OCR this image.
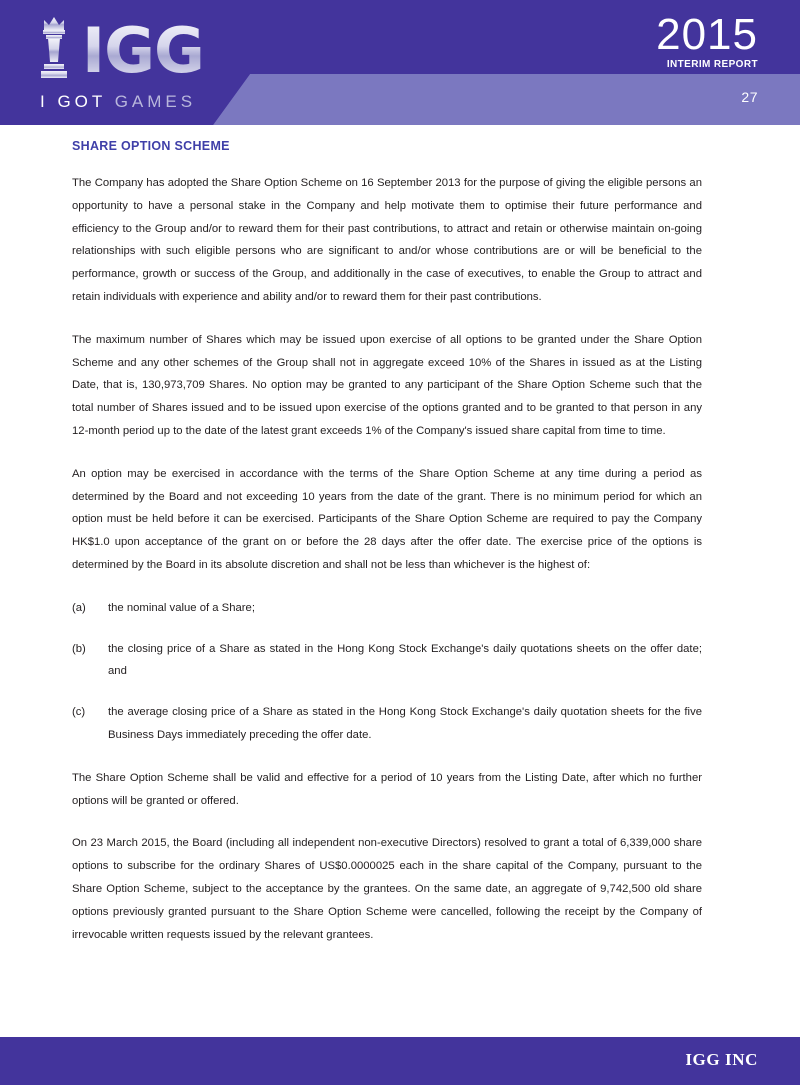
IGG
I GOT GAMES
2015
INTERIM REPORT
27
SHARE OPTION SCHEME

The Company has adopted the Share Option Scheme on 16 September 2013 for the purpose of giving the eligible persons an opportunity to have a personal stake in the Company and help motivate them to optimise their future performance and efficiency to the Group and/or to reward them for their past contributions, to attract and retain or otherwise maintain on-going relationships with such eligible persons who are significant to and/or whose contributions are or will be beneficial to the performance, growth or success of the Group, and additionally in the case of executives, to enable the Group to attract and retain individuals with experience and ability and/or to reward them for their past contributions.

The maximum number of Shares which may be issued upon exercise of all options to be granted under the Share Option Scheme and any other schemes of the Group shall not in aggregate exceed 10% of the Shares in issued as at the Listing Date, that is, 130,973,709 Shares. No option may be granted to any participant of the Share Option Scheme such that the total number of Shares issued and to be issued upon exercise of the options granted and to be granted to that person in any 12-month period up to the date of the latest grant exceeds 1% of the Company's issued share capital from time to time.

An option may be exercised in accordance with the terms of the Share Option Scheme at any time during a period as determined by the Board and not exceeding 10 years from the date of the grant. There is no minimum period for which an option must be held before it can be exercised. Participants of the Share Option Scheme are required to pay the Company HK$1.0 upon acceptance of the grant on or before the 28 days after the offer date. The exercise price of the options is determined by the Board in its absolute discretion and shall not be less than whichever is the highest of:

(a)	the nominal value of a Share;
(b)	the closing price of a Share as stated in the Hong Kong Stock Exchange's daily quotations sheets on the offer date; and
(c)	the average closing price of a Share as stated in the Hong Kong Stock Exchange's daily quotation sheets for the five Business Days immediately preceding the offer date.

The Share Option Scheme shall be valid and effective for a period of 10 years from the Listing Date, after which no further options will be granted or offered.

On 23 March 2015, the Board (including all independent non-executive Directors) resolved to grant a total of 6,339,000 share options to subscribe for the ordinary Shares of US$0.0000025 each in the share capital of the Company, pursuant to the Share Option Scheme, subject to the acceptance by the grantees. On the same date, an aggregate of 9,742,500 old share options previously granted pursuant to the Share Option Scheme were cancelled, following the receipt by the Company of irrevocable written requests issued by the relevant grantees.

IGG INC
